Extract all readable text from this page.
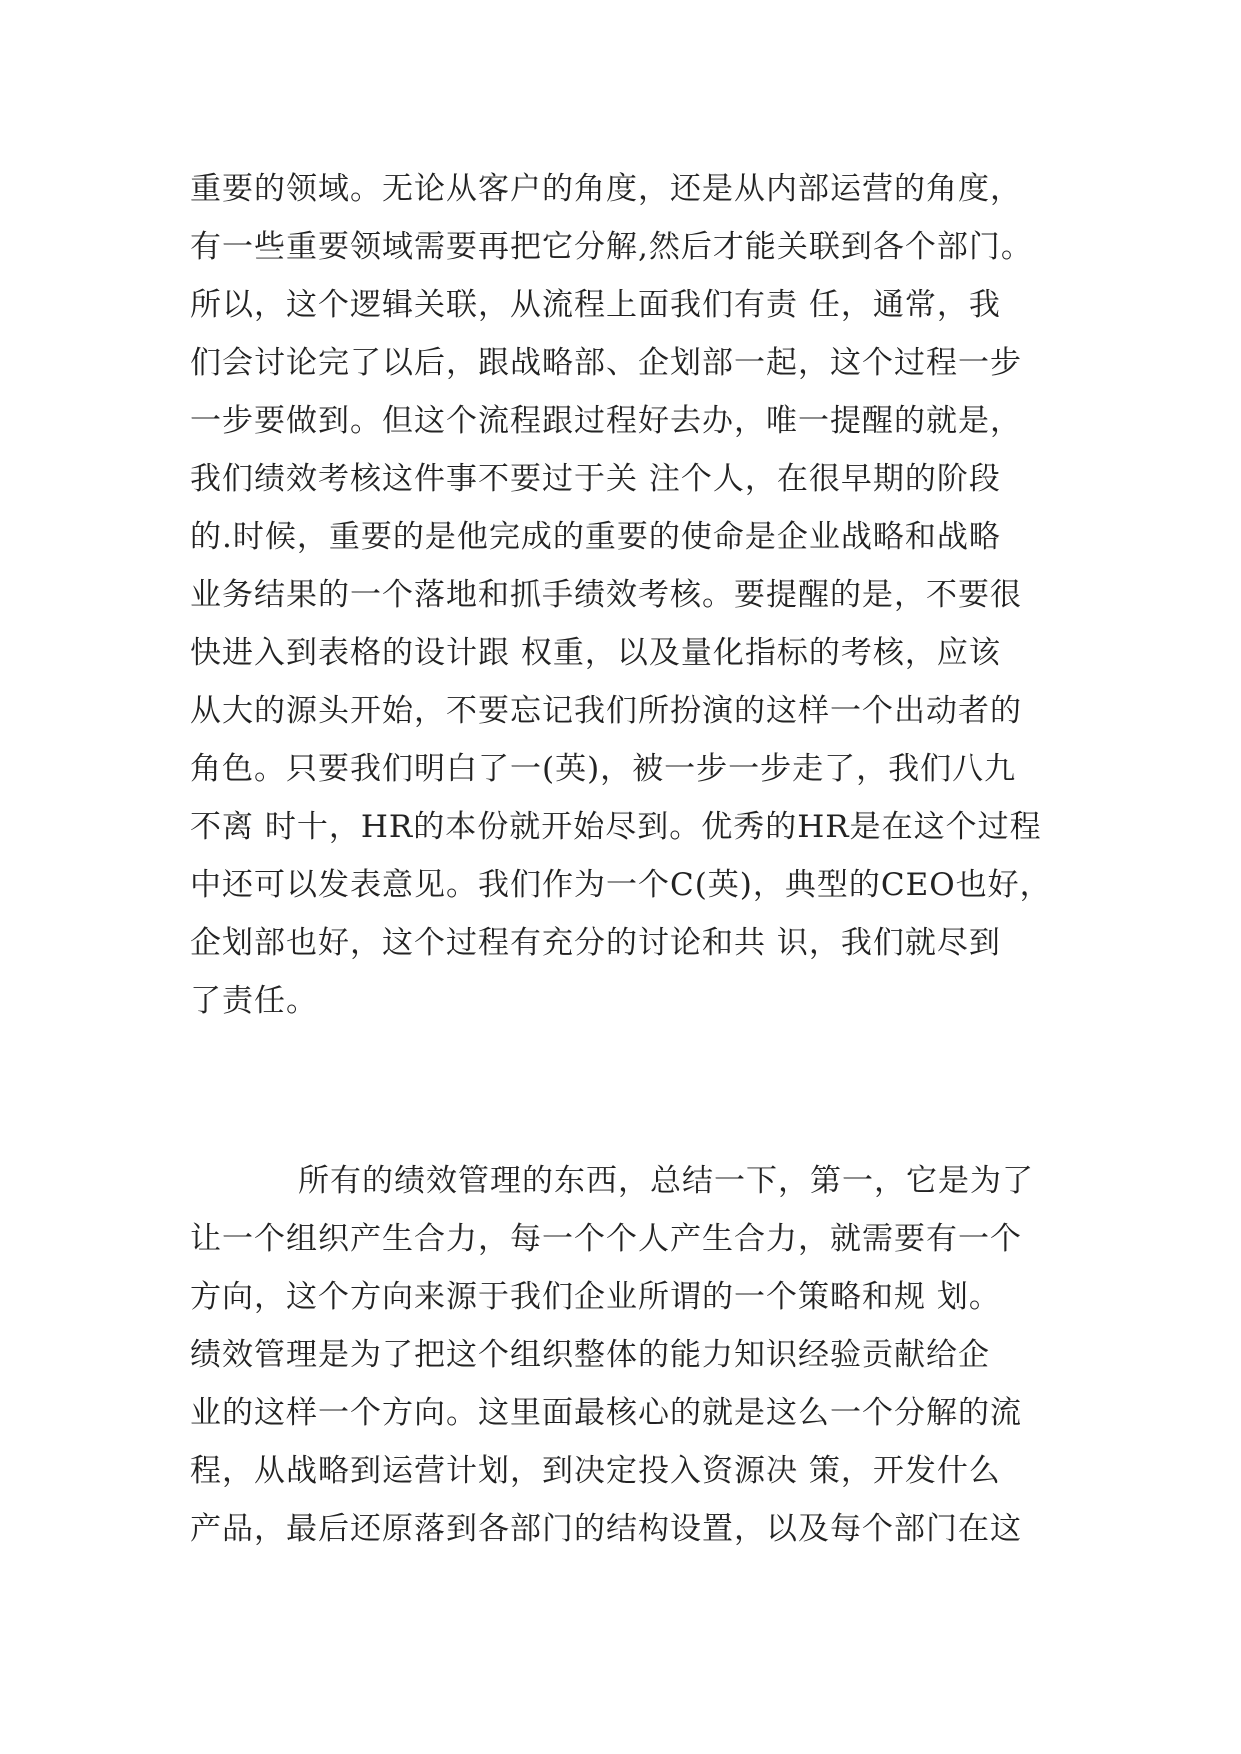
重要的领域。无论从客户的角度，还是从内部运营的角度，
有一些重要领域需要再把它分解,然后才能关联到各个部门。
所以，这个逻辑关联，从流程上面我们有责 任，通常，我
们会讨论完了以后，跟战略部、企划部一起，这个过程一步
一步要做到。但这个流程跟过程好去办，唯一提醒的就是，
我们绩效考核这件事不要过于关 注个人，在很早期的阶段
的.时候，重要的是他完成的重要的使命是企业战略和战略
业务结果的一个落地和抓手绩效考核。要提醒的是，不要很
快进入到表格的设计跟 权重，以及量化指标的考核，应该
从大的源头开始，不要忘记我们所扮演的这样一个出动者的
角色。只要我们明白了一(英)，被一步一步走了，我们八九
不离 时十，HR的本份就开始尽到。优秀的HR是在这个过程
中还可以发表意见。我们作为一个C(英)，典型的CEO也好，
企划部也好，这个过程有充分的讨论和共 识，我们就尽到
了责任。
所有的绩效管理的东西，总结一下，第一，它是为了
让一个组织产生合力，每一个个人产生合力，就需要有一个
方向，这个方向来源于我们企业所谓的一个策略和规 划。
绩效管理是为了把这个组织整体的能力知识经验贡献给企
业的这样一个方向。这里面最核心的就是这么一个分解的流
程，从战略到运营计划，到决定投入资源决 策，开发什么
产品，最后还原落到各部门的结构设置，以及每个部门在这
